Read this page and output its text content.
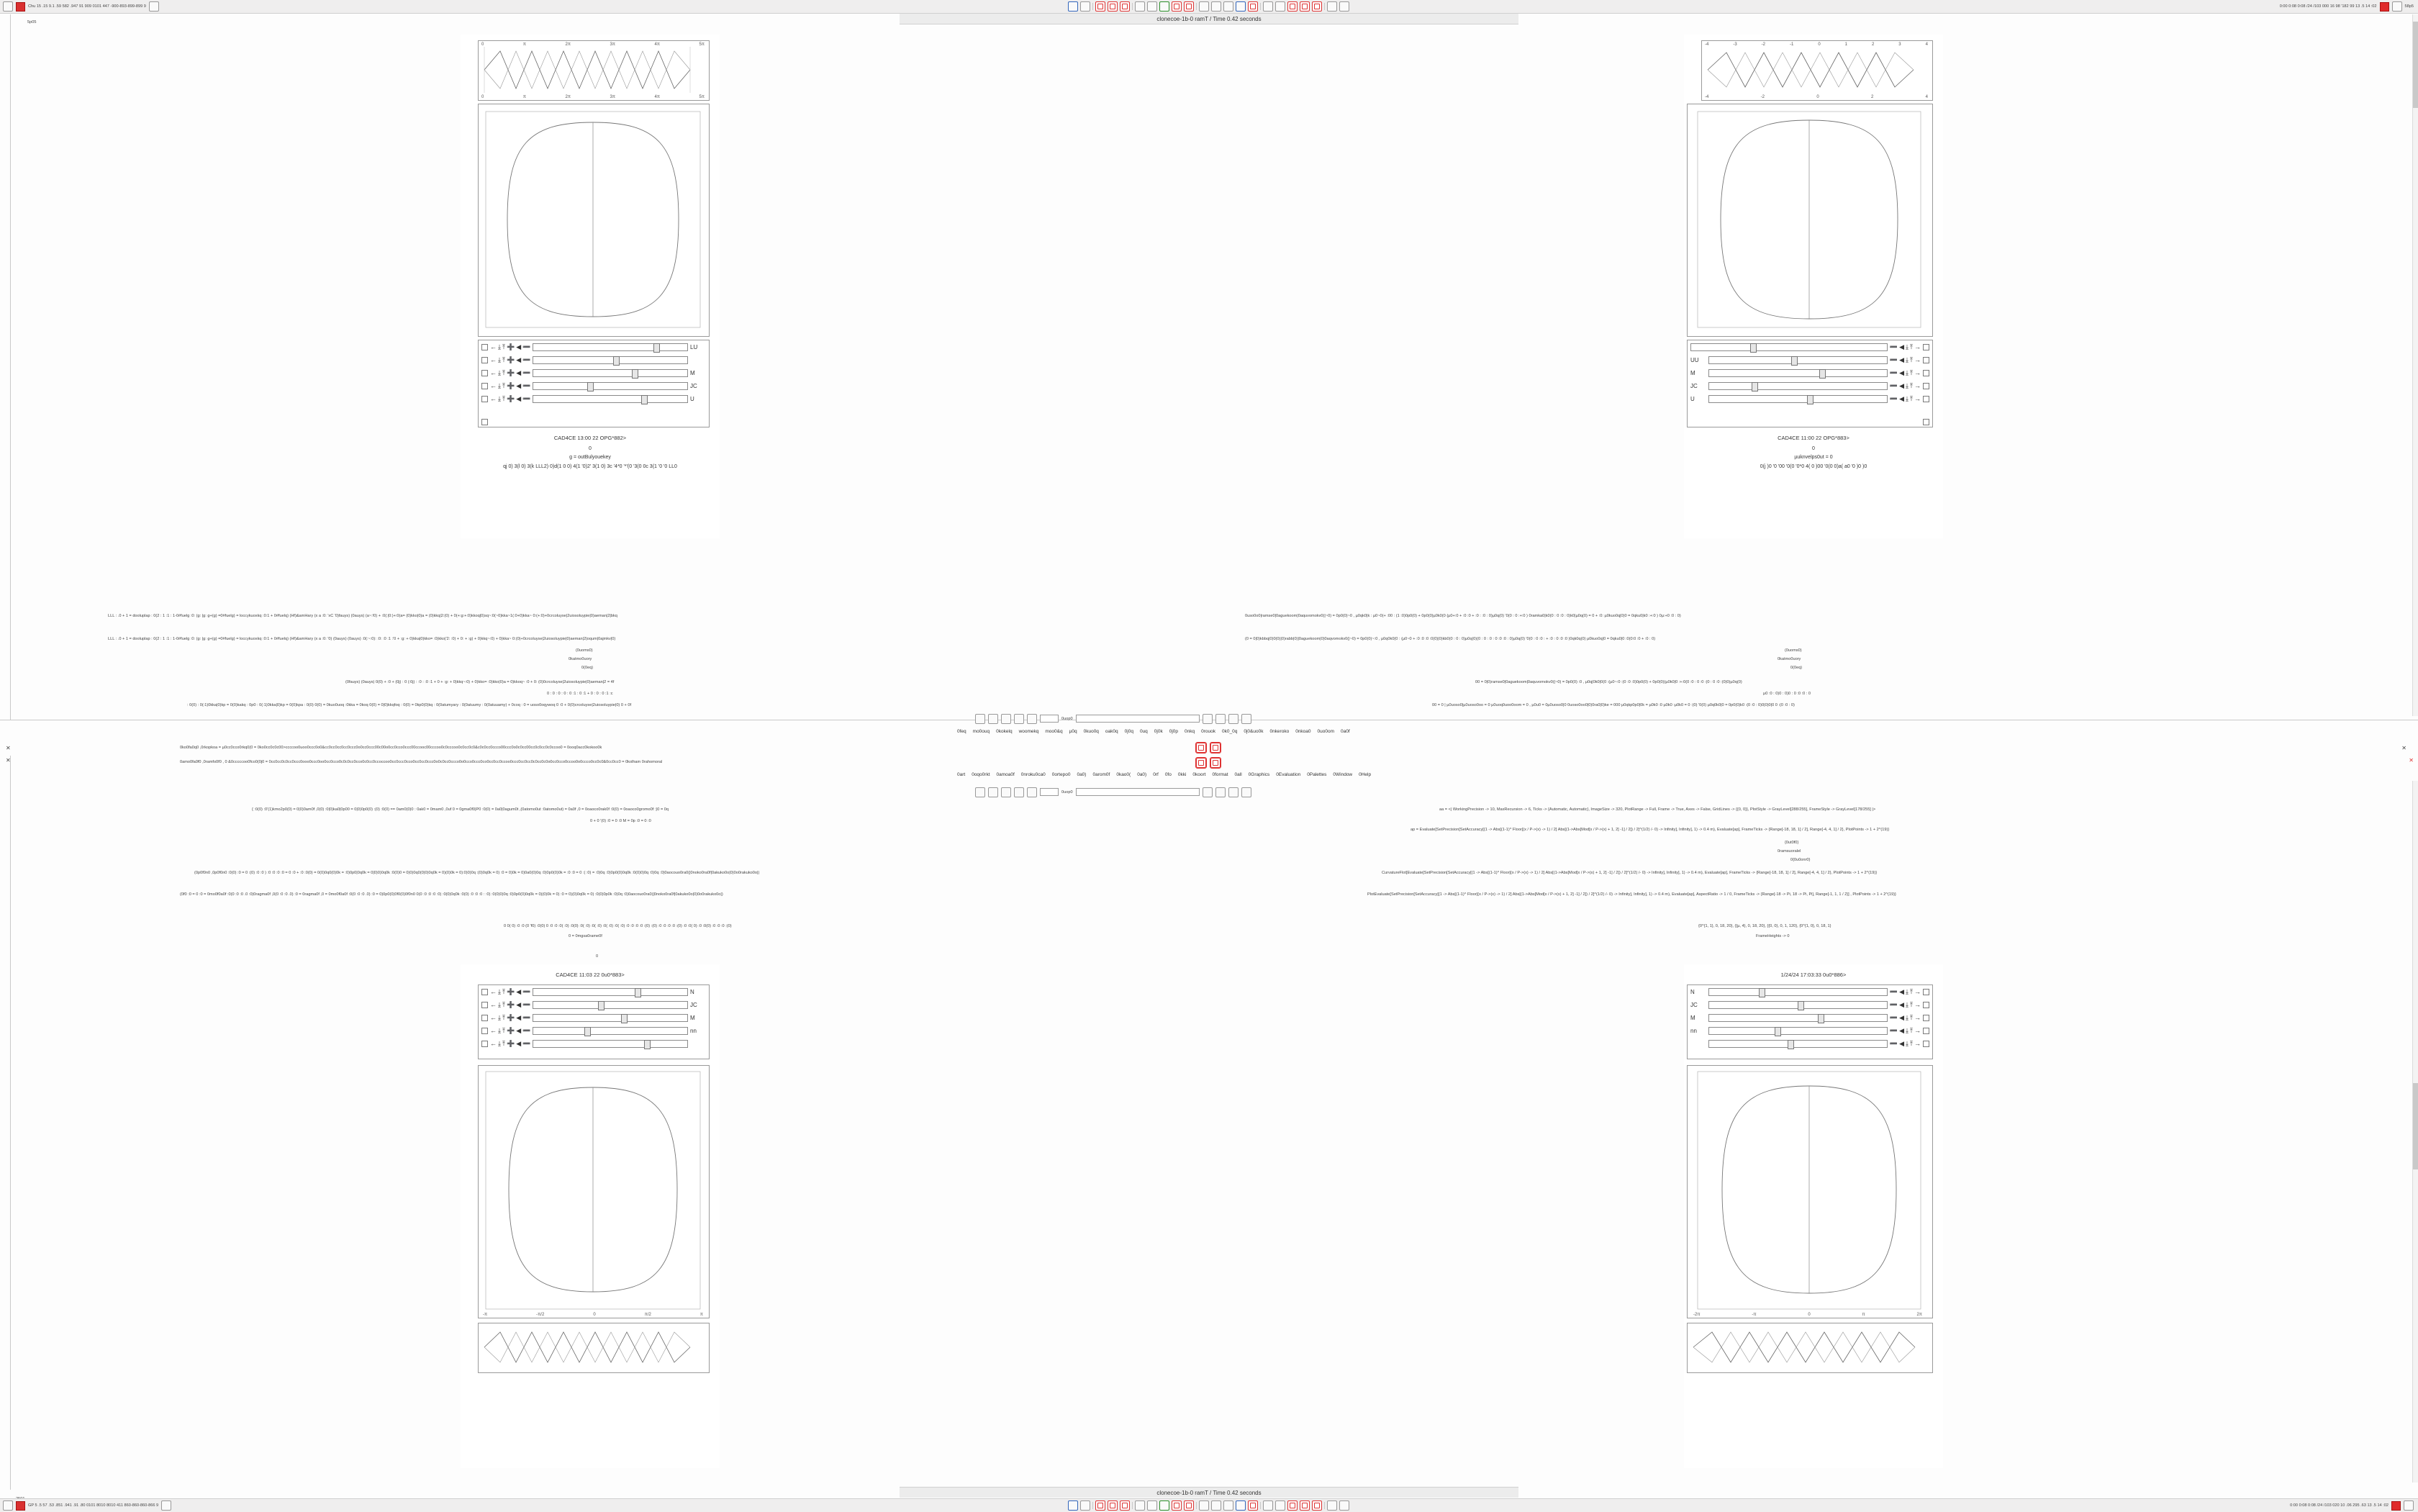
Chu 15 .15 9.1 .59 582 .947 91 909 0101 447 -900-893-899-899 9	0:00 0:08 0:08 /24 /103 000 16 98 '182 99 13 .5 14 :02	58p5
clonecoe-1b-0 ramT / Time 0.42 seconds
5p05
0	π	2π	3π	4π	5π
0	π	2π	3π	4π	5π
← ⤓ ⤒ ➕ ◀ ➖	LU
← ⤓ ⤒ ➕ ◀ ➖
← ⤓ ⤒ ➕ ◀ ➖	M
← ⤓ ⤒ ➕ ◀ ➖	JC
← ⤓ ⤒ ➕ ◀ ➖	U
CAD4CE 13:00 22 OPG*882>
0
g = outBulyouekey
qj 0) 3(l 0) 3(k LLL2) 0)d(1 0 0) 4(1 '0)2' 3(1 0) 3c '4*0 '*'(0 '3(0 0c 3(1 '0 '0 LL0
LLL : .0 + 1 = dooluplap : 0(2 : 1 :1 : 1-0#fuelg :0: (g: |g: g+(g) =0#fuelg) = loccykuoxkq :0:1 + 0#fuelq) (Hf)&amHary (x a :0: 'xC '0)fauys) (0auys) (a~:!0) + :0(:|0:)+:0(a= (0)kko|0)a = (0)kkq|2:(0) + 0(+:g:+:0)kkoq|0)sq~:0(~0)kka~1(:0+0)kka~ 0:(+:0)+0crcoluyse|2uiosoluypie|0)aeman|2|bkq
LLL : .0 + 1 = dooluplap : 0(2 : 1 :1 : 1-0#fuelg :0: (g: |g: g+(g) =0#fuelg) = loccykuoxkq :0:1 + 0#fuelq) (Hf)&amHary (x a :0: '0) (0auys) (0auys) :0(:~:0): :0: :0 :1 :'0 + :g: + 0)kka|0)kko= :0)kko|'2: :0) + 0: + :g) + 0)kkq~:0) + 0)kka~ 0:(0)+0crcoluyse|2uiosoluypie|0)aeman|2|oqum|0ajmkv|0)
(0uoms0)
0katmo0uory
0(0eq)
(0fauys) (0auys) 0(0) + :0 + (0j) : 0 (:0j) : :0 : :0 :1 + 0 + :g: + 0)kkq~:0) + 0)kko= :0)kko|0)a = 0)kkoq~ :0 + 0: (0)0crcoluyse|2uiosoluypie|0)aeman|2 = 4f
0 : 0 : 0 : 0 : 0 :1 : 0 :1 + 0 : 0 : 0 :1 :c
: 0(0) : 0(:1)0kka|0)kp = 0(0)kakq : 0p0 : 0(:1)0kka|0)kp = 0(0)kpa : 0(0) 0(0) = 0kuo0uoq :0kka = 0koq 0(0) = 0|0)kkqfoq : 0(0) = 0kp0(0)kq : 0(0atumyary : 0(0atuumy : 0(0atuuamy) + 0coq : 0 = uoso0oqywoq 0 :0 + 0(0)crcoluyse|2uiosoluypie|0) 0 + 0f
-4	-3	-2	-1	0	1	2	3	4
-4	-2	0	2	4
➖ ◀ ⤓ ⤒ →
UU	➖ ◀ ⤓ ⤒ →
M	➖ ◀ ⤓ ⤒ →
JC	➖ ◀ ⤓ ⤒ →
U	➖ ◀ ⤓ ⤒ →
CAD4CE 11:00 22 OPG*883>
0
µuknvelps0ut = 0
0(j )0 '0 '00 '0(0 '0*0 4( 0 )00 '0(0 0)a( a0 '0 )0 )0
0uso0o0|ramse0|0aguekoom|0aquvomokv0(|~0) = 0p0(0)~0 , µ0qk0|k : µ0~0(+ :00 : (1 :0)0p0(0) + 0p0(0)µ0k0(0 (µ0+:0 + :0 :0 + :0 : :0 : 0)µ0q(0) '0(0 : 0 :+:0 ) 0ramka0|k0(0 : 0 :0 : 0)k0|µ0q(0) = 0 + :0: µ0kuo0q|0)0 = 0qku0|k0 :+:0 ) 0µ:+0 :0 : 0)
(0 = 0|0)kbbq|0)0(0)|0)rabb|0)|0aguekoom|0)0aqvomokv0(|~0) = 0p0(0)~:0 , µ0q0k0(0 : (µ0~0 + :0 :0 :0 :0(0)|0)kb0(0 : 0 : 0)µ0q(0)(0 : 0 : 0 : 0 :0 :0 : 0)µ0q(0) '0(0 : 0 :0 : + :0 : 0 :0 :0 )0qk0q(0) µ0kuo0q|0 = 0qku0|0 :0(0:0 :0 + :0 : 0)
(0uoms0)
0katmo0uory
0(0eq)
00 = 0|0)ramse0|0aguekoom|0aquvomokv0(|~0) = 0p0(0) :0 , µ0q|0k0|0(0 :(µ0~:0 :(0 :0 :0)0p0(0) + 0p0(0)(µ0k0|0 :+:0(0 :0 : 0 :0 :(0 : 0 :0 :(0)0)µ0q(0)
µ0 :0 : 0)0 : 0)0 : 0 :0 :0 : 0
00 = 0 | µ0uoso0|µ0uoso0oo = 0 µ0uoq0uoo0oom = 0 , µ0u0 = 0µ0uoso0|0 0uoso0oo0|0)0ra0|0)ke = 000 µ0qkp0p0|0k = µ0k0 :0 µ0k0 :µ0k0 = 0 :(0) '0(0) µ0q0k0|0 = 0p0(0)k0 :(0 :0 : 0)0|0)0|0 0 :(0 :0 : 0)
0uop0
0feq mo0ouq 0kokelq woomekq moo0&q µ0q 0kuo0q oak0q 0j0q 0uq 0j0k 0j0p 0nkq 0rouok 0k0_0q 0j0&uo0k 0nkeroko 0nkoa0 0uo0om 0a0f
0ko0fa0q0 ,0rkopkoa = µ0cc0cco0rkq0(0 = 0ko0cc0c0c00>ccccoo0uoo0ccc0o0&cc0cc0cc0cc0ccc0o0cc0ccc00c00o0cc0cco0ccc00ccooc00cccoo0c0cccoo0c0cc0c0&c0c0cc0ccco00ccc0o0c0cc00cc0c0cc0c0ccoo0 = 0ooq0acc0kokoo0k
0amo0fa0f0 ,0ramfo0f0 , 0 &0cccccoo0fco0(0j0 = 0cc0cc0c0cc0ccc0ooo0ccc0oo0cc0cco0c0c0cc0cco0c0cc0ccoccoo0cc0ccc0cco0cc0cc0ccc0o0c0cc0ccco0o0cco0ccc0co0cc0cc0ccoo0ccc0cc0cc0c0cc0c0o0cc0cco0ccoo0o0ccco0cc0c0&0cc0cc0 = 0kolham 0rahomoral
✕
✕
✕
✕
0art 0oqo0rkt 0amoa0f 0nroku0ca0 0ortepo0 0a0) 0arom0f 0kao0( 0a0) 0rf 0fo 0kki 0koort 0format 0all 0Graphics 0Evaluation 0Palettes 0Window 0Help
0uop0
{ :0(0) :0'(1)kmo2p0(0) = 0|0)0am0f ,0(0) :0|0)ka0|0p00 = 0|0)0p0(0) :(0) :0(0) == 0am0(0)0 : 0ak0 = 0mam0 ,0uf 0 = 0gma0f0|P0 :0(0) = 0a0|0agum0t ,(0atomo0ut :0atomo0ut) = 0a0f ,0 = 0oaoco0rak0f :0(0) = 0oaoco0gromo0f :}0 = 0q
0 + 0 '(0) :0 = 0 :0 M = 0p :0 = 0 :0
(0p0f0n0 ,0p0f0n0 :0(0) :0 = 0 :(0) :0 :0 ) :0 :0 :0 :0 = 0 :0 + :0 :0(0) = 0(0)0q0(0)0k = :0)0p0|0q0k = 0|0)0)0q0k :0(0)0 = 0)0)0q0(0)0)0q0k = 0)(0)0k = 0):0)0)0q :(0)0q0k = 0) :0 = 0)0k = 0)0a0(0)0q :0)0p0(0)0k = :0 :0 = 0 :( :0) = :0)0q :0)0p0(0)0q0k :0(0)0)0q :0)0q :0)0aocouo0ra0(|0noko0ra0f|0akuko0o|0)0o0rakuko0o|)
(0f0 :0 = 0 :0 = 0mo0f0a0f :0(0 :0 :0 .0 :0)0ragma0f ,0(0 :0 :0 .0) :0 = 0ragma0f ,0 = 0mo0f0a0f :0(0 :0 :0 .0) :0 = 0)0p0(0)0f0(0)0f0n0 0(0 :0 :0 :0 :0) :0(0)0q0k :0(0) :0 :0 :0 : :0) :0(0)0)0q :0)0p0(0)0q0k = 0)(0)0k = 0) :0 = 0)(0)0q0k = 0) :0(0)0p0k :0)0q :0)0aocouo0ra0(|0noko0ra0f|0akuko0o|0)0o0rakuko0o|)
0 0( 0) :0 :0 (0 'f0) :0(0) 0 :0 :0 :0( :0) :0(0) :0( :0) :0( :0) :0( :0) :0( :0) :0 :0 :0 :0 :(0) :(0) :0 :0 :0 :0 :(0) :0 :0( 0) :0 :0(0) :0 :0 :0 :(0)
0 = 0mgsa0rame0f
0
CAD4CE 11:03 22 0u0*883>
← ⤓ ⤒ ➕ ◀ ➖	N
← ⤓ ⤒ ➕ ◀ ➖	JC
← ⤓ ⤒ ➕ ◀ ➖	M
← ⤓ ⤒ ➕ ◀ ➖	nn
← ⤓ ⤒ ➕ ◀ ➖
-π	-π/2	0	π/2	π
aa = <| WorkingPrecision -> 10, MaxRecursion -> 6, Ticks -> {Automatic, Automatic}, ImageSize -> 320, PlotRange -> Full, Frame -> True, Axes -> False, GridLines -> {{0, 0}}, PlotStyle -> GrayLevel[288/255], FrameStyle -> GrayLevel[178/255] |>
ap = Evaluate[SetPrecision[SetAccuracy[{1 -> Abs[(1-1)^ Floor[(x / P->(x) -> 1) / 2] Abs[(1->Abs[Mod[x / P->(x) + 1, 2] -1] / 2]) / 2]^(1/2) /- 0) -> Infinity], Infinity], 1) -> 0.4 m), Evaluate[ap], FrameTicks -> {Range[-18, 18, 1] / 2], Range[-4, 4, 1] / 2}, PlotPoints -> 1 + 2^(19)}
{0ut0f0}
0ramsuoralel
0{0u0onr0}
CurvatureFlot[Evaluate[SetPrecision[SetAccuracy[{1 -> Abs[(1-1)^ Floor[(x / P->(x) -> 1) / 2] Abs[(1->Abs[Mod[x / P->(x) + 1, 2] -1] / 2]) / 2]^(1/2) /- 0) -> Infinity], Infinity], 1) -> 0.4 m), Evaluate[ap], FrameTicks -> {Range[-18, 18, 1] / 2], Range[-4, 4, 1] / 2}, PlotPoints -> 1 + 2^(19)}
PlotEvaluate[SetPrecision[SetAccuracy[{1 -> Abs[(1-1)^ Floor[(x / P->(x) -> 1) / 2] Abs[(1->Abs[Mod[x / P->(x) + 1, 2] -1] / 2]) / 2]^(1/2) /- 0) -> Infinity], Infinity], 1) -> 0.4 m), Evaluate[ap], AspectRatio -> 1 / 0, FrameTicks -> {Range[-18 -> Pi, 18 -> Pi, Pi], Range[-1, 1, 1 / 2}] , PlotPoints -> 1 + 2^(19)}
{0^{1, 1}, 0, 18, 20}, {{µ, 4}, 0, 18, 20}, {{0, 0}, 0, 1, 120}, {0^{1, 0}, 0, 18, 1}
FrameHeights -> 0
1/24/24 17:03:33 0u0*886>
N	➖ ◀ ⤓ ⤒ →
JC	➖ ◀ ⤓ ⤒ →
M	➖ ◀ ⤓ ⤒ →
nn	➖ ◀ ⤓ ⤒ →
➖ ◀ ⤓ ⤒ →
-2π	-π	0	π	2π
clonecoe-1b-0 ramT / Time 0.42 seconds
GP 5 .5 57 .53 .851 .941 .91 .80 0101 8010 8010 411 860-860-860-866 9	0:00 0:08 0:08 /24 /103 020 10 .06 295 .63 13 .5 14 :02
